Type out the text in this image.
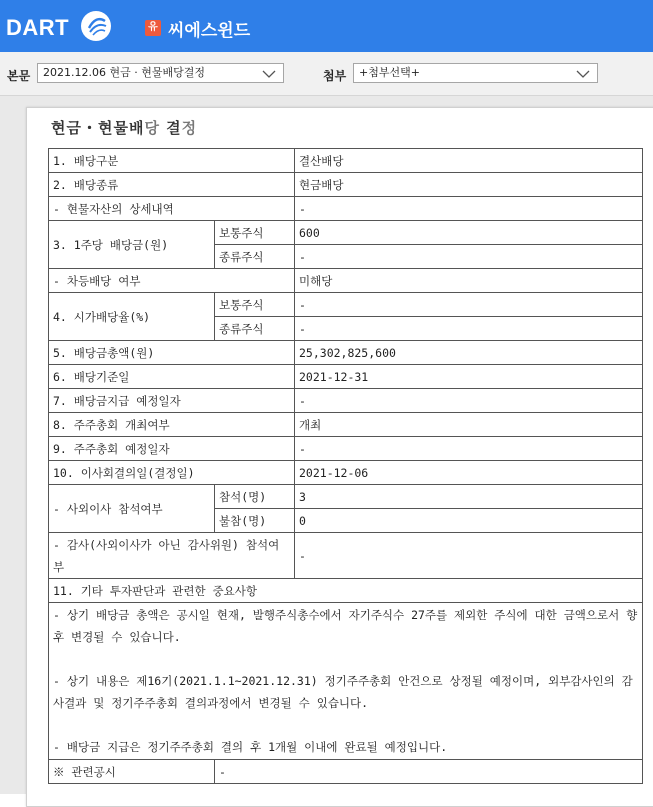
DART	유 씨에스윈드
본문	2021.12.06 현금 · 현물배당결정	첨부	+첨부선택+
현금・현물배당 결정
1. 배당구분		결산배당
2. 배당종류		현금배당
- 현물자산의 상세내역		-
3. 1주당 배당금(원)	보통주식	600
	종류주식	-
- 차등배당 여부		미해당
4. 시가배당율(%)	보통주식	-
	종류주식	-
5. 배당금총액(원)		25,302,825,600
6. 배당기준일		2021-12-31
7. 배당금지급 예정일자		-
8. 주주총회 개최여부		개최
9. 주주총회 예정일자		-
10. 이사회결의일(결정일)		2021-12-06
- 사외이사 참석여부	참석(명)	3
	불참(명)	0
- 감사(사외이사가 아닌 감사위원) 참석여부		-
11. 기타 투자판단과 관련한 중요사항		
- 상기 배당금 총액은 공시일 현재, 발행주식총수에서 자기주식수 27주를 제외한 주식에 대한 금액으로서 향후 변경될 수 있습니다.

- 상기 내용은 제16기(2021.1.1~2021.12.31) 정기주주총회 안건으로 상정될 예정이며, 외부감사인의 감사결과 및 정기주주총회 결의과정에서 변경될 수 있습니다.

- 배당금 지급은 정기주주총회 결의 후 1개월 이내에 완료될 예정입니다.		
※ 관련공시	-	
